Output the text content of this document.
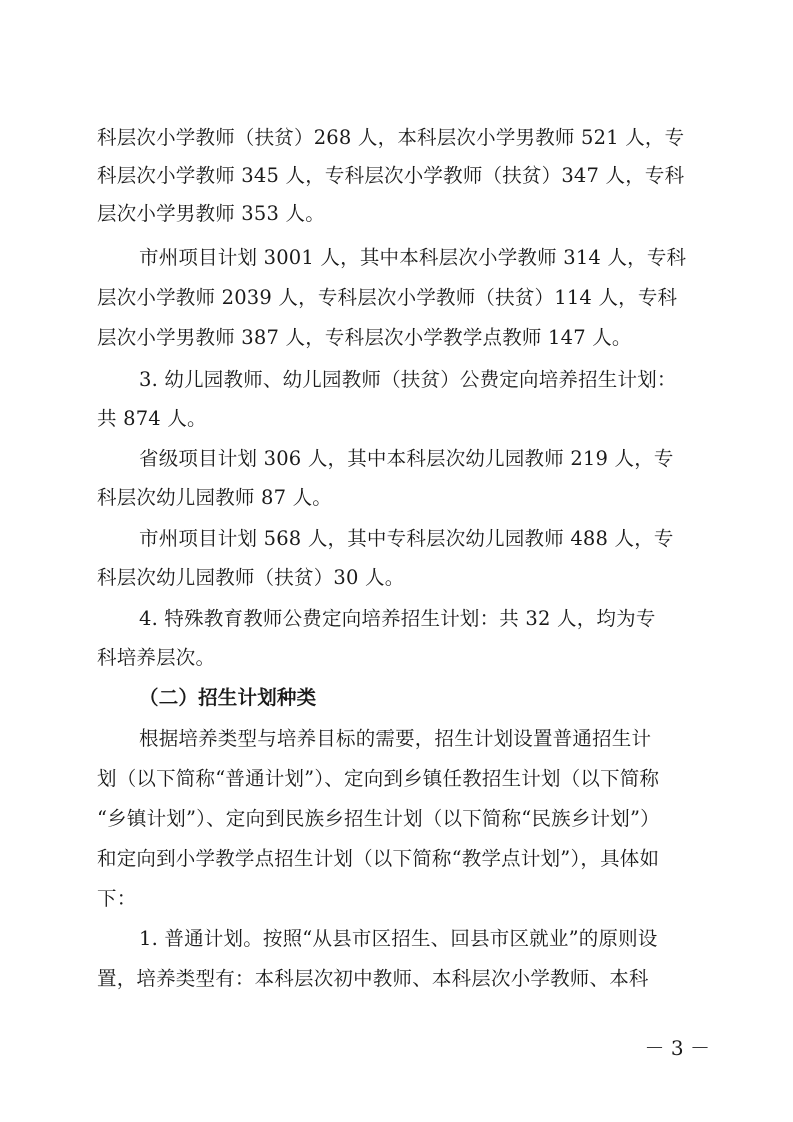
科层次小学教师（扶贫）268 人，本科层次小学男教师 521 人，专
科层次小学教师 345 人，专科层次小学教师（扶贫）347 人，专科
层次小学男教师 353 人。
市州项目计划 3001 人，其中本科层次小学教师 314 人，专科
层次小学教师 2039 人，专科层次小学教师（扶贫）114 人，专科
层次小学男教师 387 人，专科层次小学教学点教师 147 人。
3. 幼儿园教师、幼儿园教师（扶贫）公费定向培养招生计划：
共 874 人。
省级项目计划 306 人，其中本科层次幼儿园教师 219 人，专
科层次幼儿园教师 87 人。
市州项目计划 568 人，其中专科层次幼儿园教师 488 人，专
科层次幼儿园教师（扶贫）30 人。
4. 特殊教育教师公费定向培养招生计划：共 32 人，均为专
科培养层次。
（二）招生计划种类
根据培养类型与培养目标的需要，招生计划设置普通招生计
划（以下简称“普通计划”）、定向到乡镇任教招生计划（以下简称
“乡镇计划”）、定向到民族乡招生计划（以下简称“民族乡计划”）
和定向到小学教学点招生计划（以下简称“教学点计划”），具体如
下：
1. 普通计划。按照“从县市区招生、回县市区就业”的原则设
置，培养类型有：本科层次初中教师、本科层次小学教师、本科
－ 3 －
